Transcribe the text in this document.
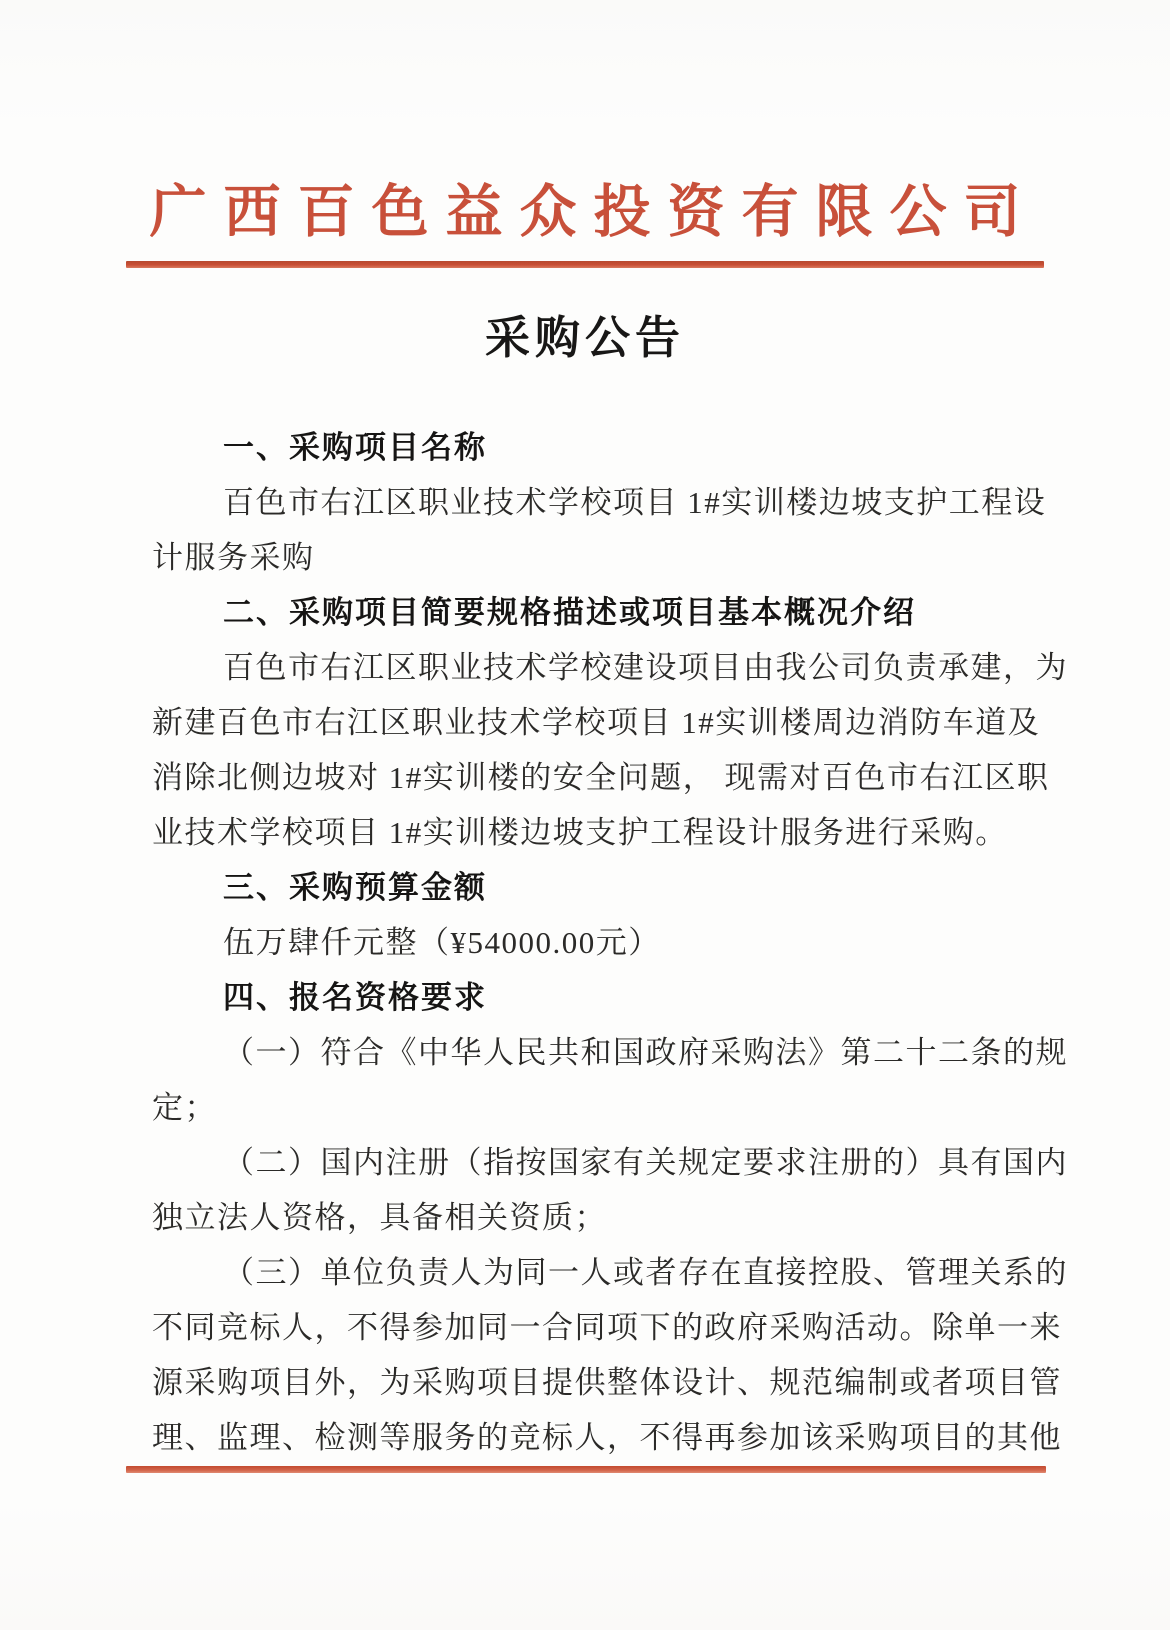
广西百色益众投资有限公司
采购公告
一、采购项目名称
百色市右江区职业技术学校项目 1#实训楼边坡支护工程设
计服务采购
二、采购项目简要规格描述或项目基本概况介绍
百色市右江区职业技术学校建设项目由我公司负责承建，为
新建百色市右江区职业技术学校项目 1#实训楼周边消防车道及
消除北侧边坡对 1#实训楼的安全问题， 现需对百色市右江区职
业技术学校项目 1#实训楼边坡支护工程设计服务进行采购。
三、采购预算金额
伍万肆仟元整（¥54000.00元）
四、报名资格要求
（一）符合《中华人民共和国政府采购法》第二十二条的规
定；
（二）国内注册（指按国家有关规定要求注册的）具有国内
独立法人资格，具备相关资质；
（三）单位负责人为同一人或者存在直接控股、管理关系的
不同竞标人，不得参加同一合同项下的政府采购活动。除单一来
源采购项目外，为采购项目提供整体设计、规范编制或者项目管
理、监理、检测等服务的竞标人，不得再参加该采购项目的其他
